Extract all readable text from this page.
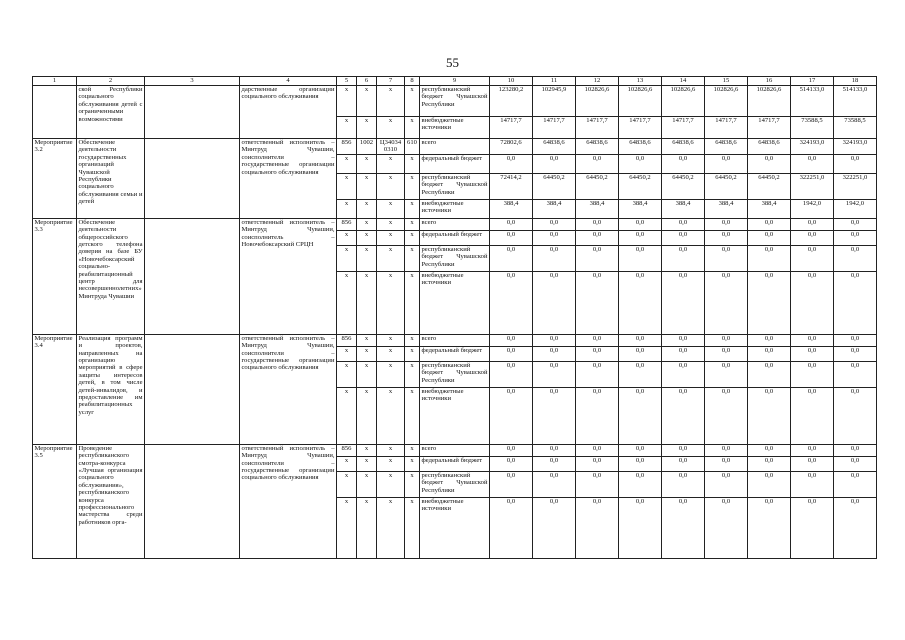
55
1	2	3	4	5	6	7	8	9	10	11	12	13	14	15	16	17	18
	ской Республики социального обслуживания детей с ограниченными возможностями		дарственные организации социального обслуживания	х	х	х	х	республиканский бюджет Чувашской Республики	123280,2	102945,9	102826,6	102826,6	102826,6	102826,6	102826,6	514133,0	514133,0
				х	х	х	х	внебюджетные источники	14717,7	14717,7	14717,7	14717,7	14717,7	14717,7	14717,7	73588,5	73588,5
Мероприятие 3.2	Обеспечение деятельности государственных организаций Чувашской Республики социального обслуживания семьи и детей		ответственный исполнитель – Минтруд Чувашии, соисполнители – государственные организации социального обслуживания	856	1002	Ц34034 0310	610	всего	72802,6	64838,6	64838,6	64838,6	64838,6	64838,6	64838,6	324193,0	324193,0
				х	х	х	х	федеральный бюджет	0,0	0,0	0,0	0,0	0,0	0,0	0,0	0,0	0,0
				х	х	х	х	республиканский бюджет Чувашской Республики	72414,2	64450,2	64450,2	64450,2	64450,2	64450,2	64450,2	322251,0	322251,0
				х	х	х	х	внебюджетные источники	388,4	388,4	388,4	388,4	388,4	388,4	388,4	1942,0	1942,0
Мероприятие 3.3	Обеспечение деятельности общероссийского детского телефона доверия на базе БУ «Новочебоксарский социально-реабилитационный центр для несовершеннолетних» Минтруда Чувашии		ответственный исполнитель – Минтруд Чувашии, соисполнитель – Новочебоксарский СРЦН	856	х	х	х	всего	0,0	0,0	0,0	0,0	0,0	0,0	0,0	0,0	0,0
				х	х	х	х	федеральный бюджет	0,0	0,0	0,0	0,0	0,0	0,0	0,0	0,0	0,0
				х	х	х	х	республиканский бюджет Чувашской Республики	0,0	0,0	0,0	0,0	0,0	0,0	0,0	0,0	0,0
				х	х	х	х	внебюджетные источники	0,0	0,0	0,0	0,0	0,0	0,0	0,0	0,0	0,0
Мероприятие 3.4	Реализация программ и проектов, направленных на организацию мероприятий в сфере защиты интересов детей, в том числе детей-инвалидов, и предоставление им реабилитационных услуг		ответственный исполнитель – Минтруд Чувашии, соисполнители – государственные организации социального обслуживания	856	х	х	х	всего	0,0	0,0	0,0	0,0	0,0	0,0	0,0	0,0	0,0
				х	х	х	х	федеральный бюджет	0,0	0,0	0,0	0,0	0,0	0,0	0,0	0,0	0,0
				х	х	х	х	республиканский бюджет Чувашской Республики	0,0	0,0	0,0	0,0	0,0	0,0	0,0	0,0	0,0
				х	х	х	х	внебюджетные источники	0,0	0,0	0,0	0,0	0,0	0,0	0,0	0,0	0,0
Мероприятие 3.5	Проведение республиканского смотра-конкурса «Лучшая организация социального обслуживания», республиканского конкурса профессионального мастерства среди работников орга-		ответственный исполнитель – Минтруд Чувашии, соисполнители – государственные организации социального обслуживания	856	х	х	х	всего	0,0	0,0	0,0	0,0	0,0	0,0	0,0	0,0	0,0
				х	х	х	х	федеральный бюджет	0,0	0,0	0,0	0,0	0,0	0,0	0,0	0,0	0,0
				х	х	х	х	республиканский бюджет Чувашской Республики	0,0	0,0	0,0	0,0	0,0	0,0	0,0	0,0	0,0
				х	х	х	х	внебюджетные источники	0,0	0,0	0,0	0,0	0,0	0,0	0,0	0,0	0,0
